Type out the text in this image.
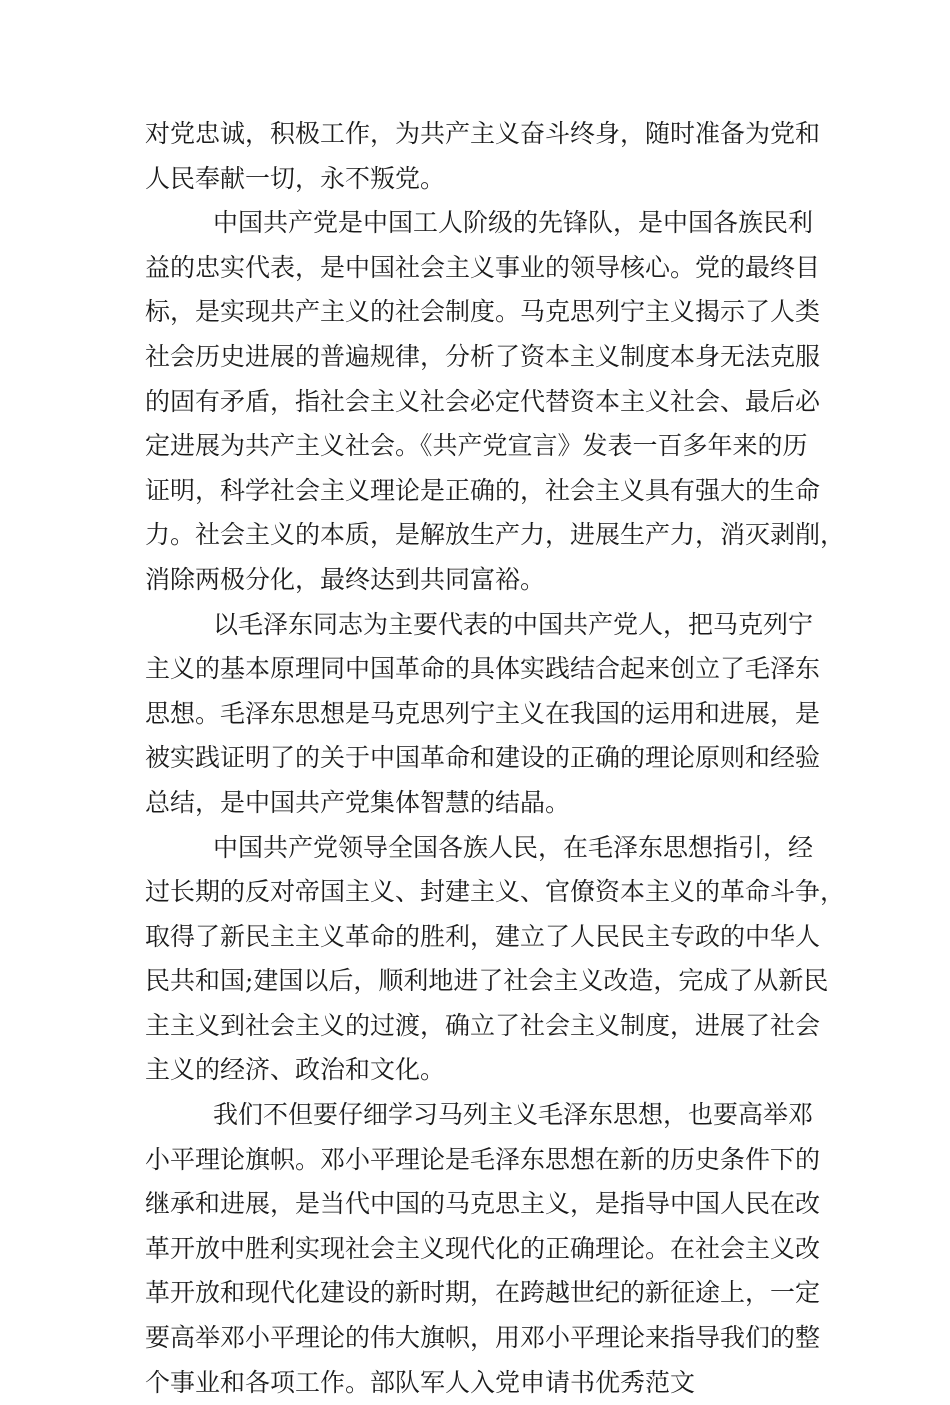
对党忠诚，积极工作，为共产主义奋斗终身，随时准备为党和
人民奉献一切，永不叛党。
中国共产党是中国工人阶级的先锋队，是中国各族民利
益的忠实代表，是中国社会主义事业的领导核心。党的最终目
标，是实现共产主义的社会制度。马克思列宁主义揭示了人类
社会历史进展的普遍规律，分析了资本主义制度本身无法克服
的固有矛盾，指社会主义社会必定代替资本主义社会、最后必
定进展为共产主义社会。《共产党宣言》发表一百多年来的历
证明，科学社会主义理论是正确的，社会主义具有强大的生命
力。社会主义的本质，是解放生产力，进展生产力，消灭剥削，
消除两极分化，最终达到共同富裕。
以毛泽东同志为主要代表的中国共产党人，把马克列宁
主义的基本原理同中国革命的具体实践结合起来创立了毛泽东
思想。毛泽东思想是马克思列宁主义在我国的运用和进展，是
被实践证明了的关于中国革命和建设的正确的理论原则和经验
总结，是中国共产党集体智慧的结晶。
中国共产党领导全国各族人民，在毛泽东思想指引，经
过长期的反对帝国主义、封建主义、官僚资本主义的革命斗争，
取得了新民主主义革命的胜利，建立了人民民主专政的中华人
民共和国;建国以后，顺利地进了社会主义改造，完成了从新民
主主义到社会主义的过渡，确立了社会主义制度，进展了社会
主义的经济、政治和文化。
我们不但要仔细学习马列主义毛泽东思想，也要高举邓
小平理论旗帜。邓小平理论是毛泽东思想在新的历史条件下的
继承和进展，是当代中国的马克思主义，是指导中国人民在改
革开放中胜利实现社会主义现代化的正确理论。在社会主义改
革开放和现代化建设的新时期，在跨越世纪的新征途上，一定
要高举邓小平理论的伟大旗帜，用邓小平理论来指导我们的整
个事业和各项工作。部队军人入党申请书优秀范文
